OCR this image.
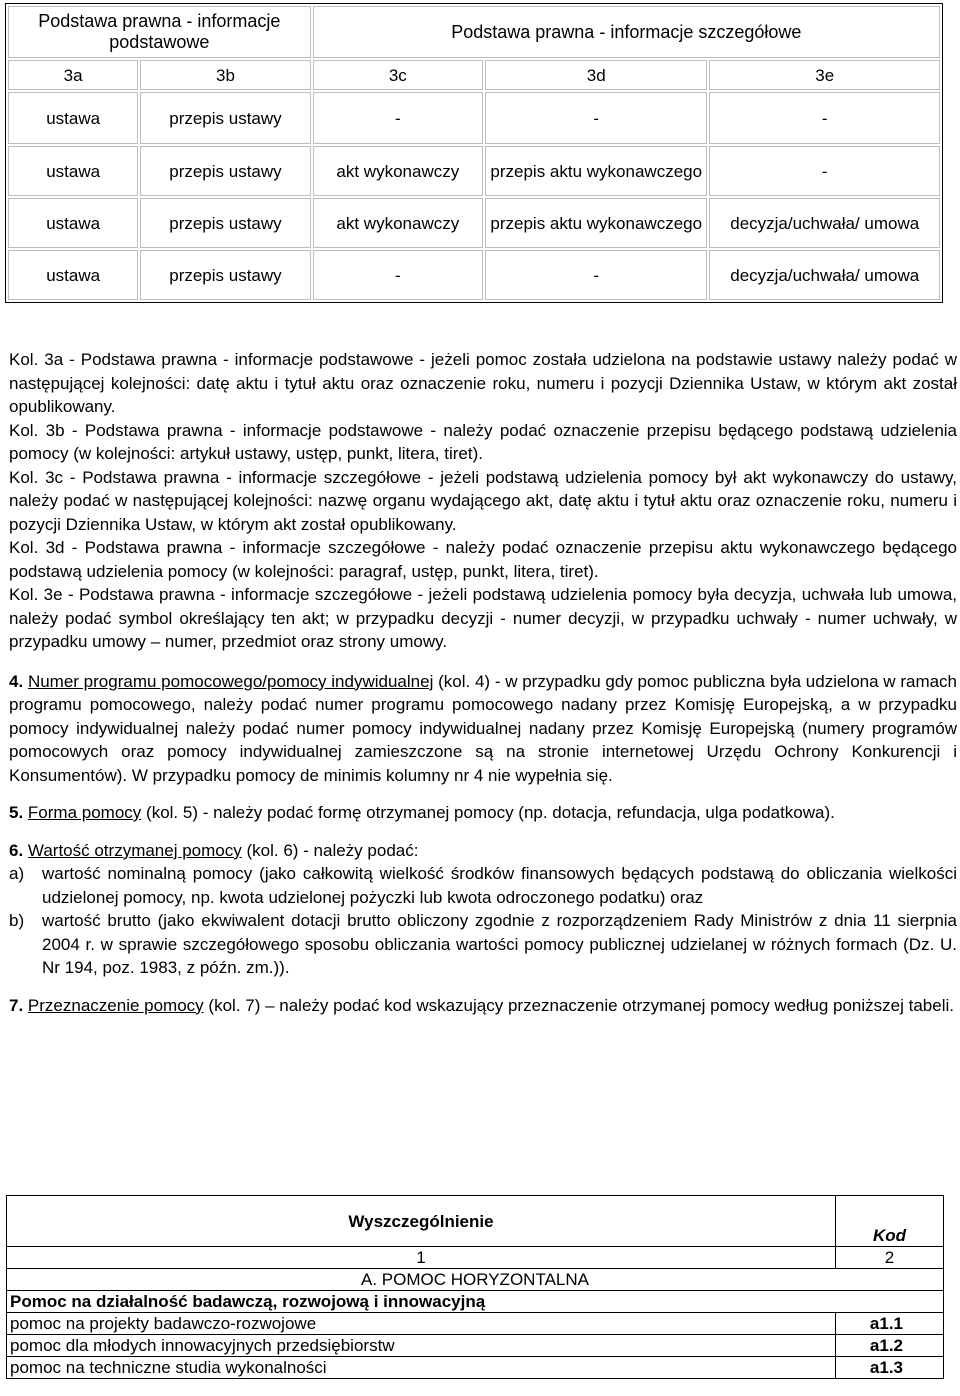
Podstawa prawna - informacje podstawowe		Podstawa prawna - informacje szczegółowe		
3a	3b	3c	3d	3e
ustawa	przepis ustawy	-	-	-
ustawa	przepis ustawy	akt wykonawczy	przepis aktu wykonawczego	-
ustawa	przepis ustawy	akt wykonawczy	przepis aktu wykonawczego	decyzja/uchwała/ umowa
ustawa	przepis ustawy	-	-	decyzja/uchwała/ umowa

Kol. 3a - Podstawa prawna - informacje podstawowe - jeżeli pomoc została udzielona na podstawie ustawy należy podać w następującej kolejności: datę aktu i tytuł aktu oraz oznaczenie roku, numeru i pozycji Dziennika Ustaw, w którym akt został opublikowany.

Kol. 3b - Podstawa prawna - informacje podstawowe - należy podać oznaczenie przepisu będącego podstawą udzielenia pomocy (w kolejności: artykuł ustawy, ustęp, punkt, litera, tiret).

Kol. 3c - Podstawa prawna - informacje szczegółowe - jeżeli podstawą udzielenia pomocy był akt wykonawczy do ustawy, należy podać w następującej kolejności: nazwę organu wydającego akt, datę aktu i tytuł aktu oraz oznaczenie roku, numeru i pozycji Dziennika Ustaw, w którym akt został opublikowany.

Kol. 3d - Podstawa prawna - informacje szczegółowe - należy podać oznaczenie przepisu aktu wykonawczego będącego podstawą udzielenia pomocy (w kolejności: paragraf, ustęp, punkt, litera, tiret).

Kol. 3e - Podstawa prawna - informacje szczegółowe - jeżeli podstawą udzielenia pomocy była decyzja, uchwała lub umowa, należy podać symbol określający ten akt; w przypadku decyzji - numer decyzji, w przypadku uchwały - numer uchwały, w przypadku umowy – numer, przedmiot oraz strony umowy.

4. Numer programu pomocowego/pomocy indywidualnej (kol. 4) - w przypadku gdy pomoc publiczna była udzielona w ramach programu pomocowego, należy podać numer programu pomocowego nadany przez Komisję Europejską, a w przypadku pomocy indywidualnej należy podać numer pomocy indywidualnej nadany przez Komisję Europejską (numery programów pomocowych oraz pomocy indywidualnej zamieszczone są na stronie internetowej Urzędu Ochrony Konkurencji i Konsumentów). W przypadku pomocy de minimis kolumny nr 4 nie wypełnia się.

5. Forma pomocy (kol. 5) - należy podać formę otrzymanej pomocy (np. dotacja, refundacja, ulga podatkowa).

6. Wartość otrzymanej pomocy (kol. 6) - należy podać:

a)	wartość nominalną pomocy (jako całkowitą wielkość środków finansowych będących podstawą do obliczania wielkości udzielonej pomocy, np. kwota udzielonej pożyczki lub kwota odroczonego podatku) oraz
b)	wartość brutto (jako ekwiwalent dotacji brutto obliczony zgodnie z rozporządzeniem Rady Ministrów z dnia 11 sierpnia 2004 r. w sprawie szczegółowego sposobu obliczania wartości pomocy publicznej udzielanej w różnych formach (Dz. U. Nr 194, poz. 1983, z późn. zm.)).

7. Przeznaczenie pomocy (kol. 7) – należy podać kod wskazujący przeznaczenie otrzymanej pomocy według poniższej tabeli.

Wyszczególnienie	Kod
1	2
A. POMOC HORYZONTALNA	
Pomoc na działalność badawczą, rozwojową i innowacyjną	
pomoc na projekty badawczo-rozwojowe	a1.1
pomoc dla młodych innowacyjnych przedsiębiorstw	a1.2
pomoc na techniczne studia wykonalności	a1.3
